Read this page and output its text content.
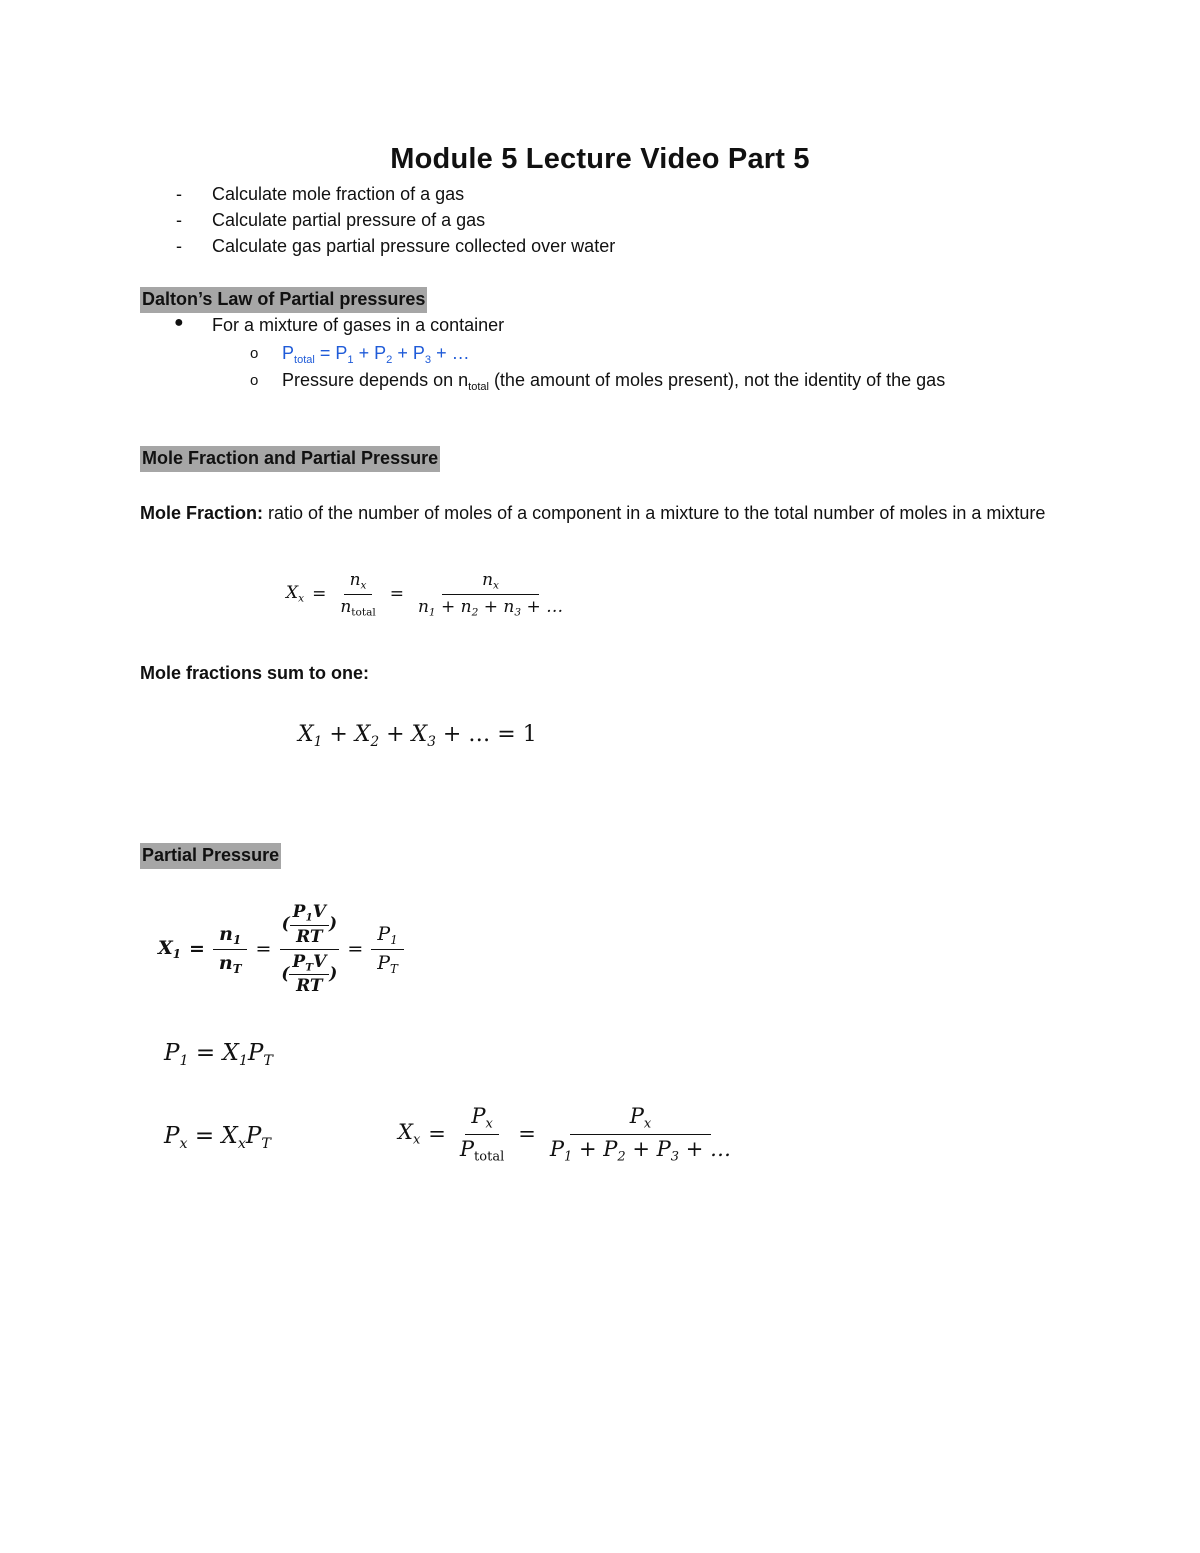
Module 5 Lecture Video Part 5
- Calculate mole fraction of a gas
- Calculate partial pressure of a gas
- Calculate gas partial pressure collected over water
Dalton’s Law of Partial pressures
● For a mixture of gases in a container
o $P_{total} = P_1 + P_2 + P_3$ + …
o Pressure depends on $n_{total}$ (the amount of moles present), not the identity of the gas
Mole Fraction and Partial Pressure
Mole Fraction: ratio of the number of moles of a component in a mixture to the total number of moles in a mixture
$X_x = \frac{n_x}{n_{total}} = \frac{n_x}{n_1 + n_2 + n_3 + \dots}$
Mole fractions sum to one:
$X_1 + X_2 + X_3$ + … = 1
Partial Pressure
$X_1 = \frac{n_1}{n_T} = \frac{( \frac{P_1V}{RT} )}{( \frac{P_TV}{RT} )} = \frac{P_1}{P_T}$
$P_1 = X_1P_T$
$P_x = X_xP_T$	$X_x = \frac{P_x}{P_{total}} = \frac{P_x}{P_1 + P_2 + P_3 + \dots}$
